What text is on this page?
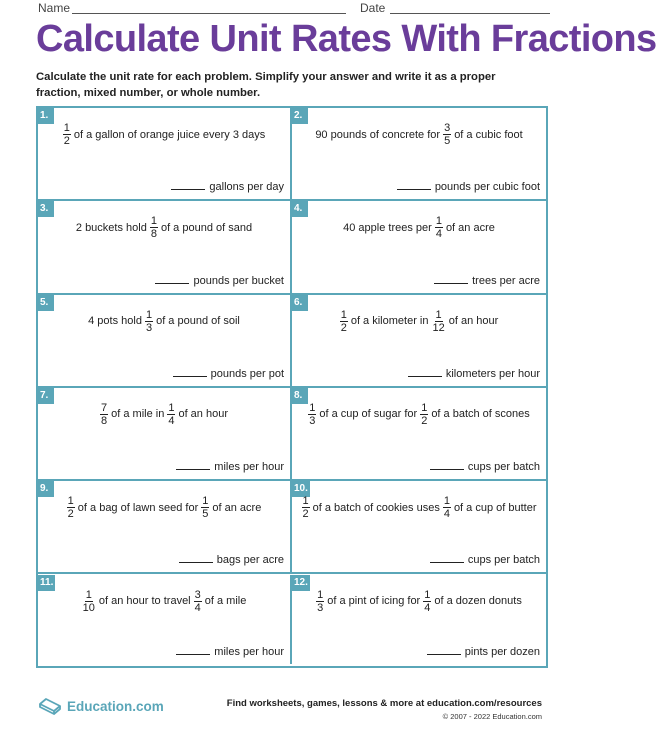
Name	Date
Calculate Unit Rates With Fractions
Calculate the unit rate for each problem. Simplify your answer and write it as a proper fraction, mixed number, or whole number.
1.
$\frac{1}{2}$ of a gallon of orange juice every 3 days
gallons per day
2.
90 pounds of concrete for $\frac{3}{5}$ of a cubic foot
pounds per cubic foot
3.
2 buckets hold $\frac{1}{8}$ of a pound of sand
pounds per bucket
4.
40 apple trees per $\frac{1}{4}$ of an acre
trees per acre
5.
4 pots hold $\frac{1}{3}$ of a pound of soil
pounds per pot
6.
$\frac{1}{2}$ of a kilometer in $\frac{1}{12}$ of an hour
kilometers per hour
7.
$\frac{7}{8}$ of a mile in $\frac{1}{4}$ of an hour
miles per hour
8.
$\frac{1}{3}$ of a cup of sugar for $\frac{1}{2}$ of a batch of scones
cups per batch
9.
$\frac{1}{2}$ of a bag of lawn seed for $\frac{1}{5}$ of an acre
bags per acre
10.
$\frac{1}{2}$ of a batch of cookies uses $\frac{1}{4}$ of a cup of butter
cups per batch
11.
$\frac{1}{10}$ of an hour to travel $\frac{3}{4}$ of a mile
miles per hour
12.
$\frac{1}{3}$ of a pint of icing for $\frac{1}{4}$ of a dozen donuts
pints per dozen
Education.com	Find worksheets, games, lessons & more at education.com/resources
© 2007 - 2022 Education.com
